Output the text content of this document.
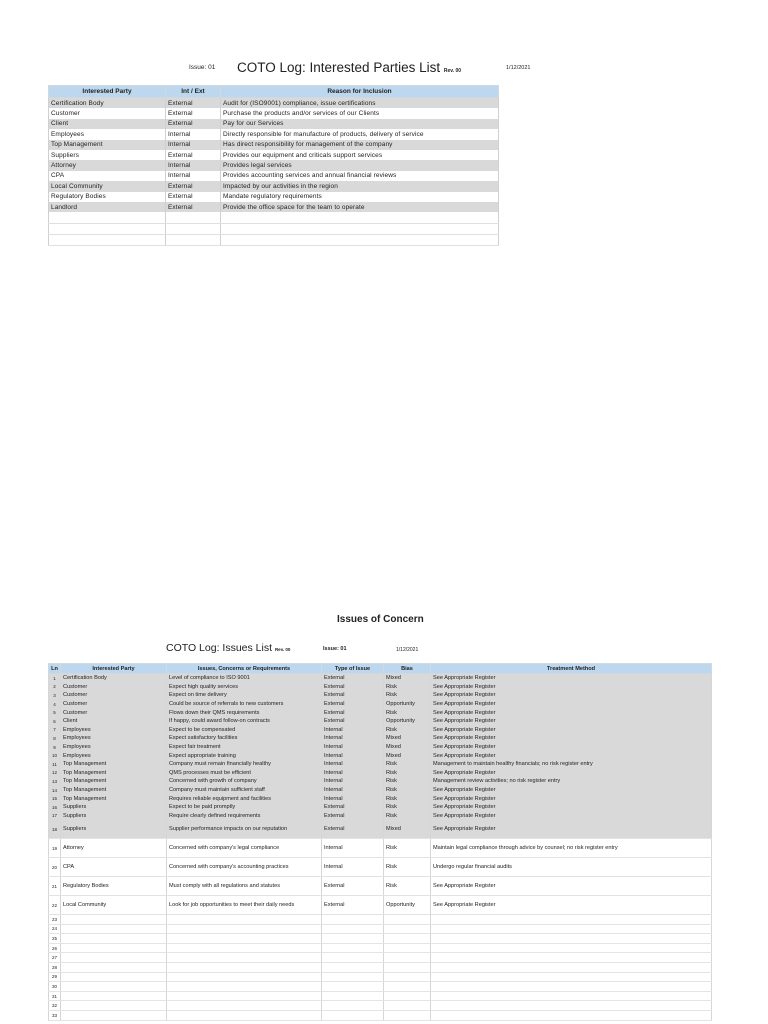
Issue: 01 COTO Log: Interested Parties List Rev. 00	1/12/2021
Interested Party	Int / Ext	Reason for Inclusion
Certification Body	External	Audit for (ISO9001) compliance, issue certifications
Customer	External	Purchase the products and/or services of our Clients
Client	External	Pay for our Services
Employees	Internal	Directly responsible for manufacture of products, delivery of service
Top Management	Internal	Has direct responsibility for management of the company
Suppliers	External	Provides our equipment and criticals support services
Attorney	Internal	Provides legal services
CPA	Internal	Provides accounting services and annual financial reviews
Local Community	External	Impacted by our activities in the region
Regulatory Bodies	External	Mandate regulatory requirements
Landlord	External	Provide the office space for the team to operate

Issues of Concern
COTO Log: Issues List Rev. 00	Issue: 01	1/12/2021
Ln	Interested Party	Issues, Concerns or Requirements	Type of Issue	Bias	Treatment Method
1	Certification Body	Level of compliance to ISO 9001	External	Mixed	See Appropriate Register
2	Customer	Expect high quality services	External	Risk	See Appropriate Register
3	Customer	Expect on time delivery	External	Risk	See Appropriate Register
4	Customer	Could be source of referrals to new customers	External	Opportunity	See Appropriate Register
5	Customer	Flows down their QMS requirements	External	Risk	See Appropriate Register
6	Client	If happy, could award follow-on contracts	External	Opportunity	See Appropriate Register
7	Employees	Expect to be compensated	Internal	Risk	See Appropriate Register
8	Employees	Expect satisfactory facilities	Internal	Mixed	See Appropriate Register
9	Employees	Expect fair treatment	Internal	Mixed	See Appropriate Register
10	Employees	Expect appropriate training	Internal	Mixed	See Appropriate Register
11	Top Management	Company must remain financially healthy	Internal	Risk	Management to maintain healthy financials; no risk register entry
12	Top Management	QMS processes must be efficient	Internal	Risk	See Appropriate Register
13	Top Management	Concerned with growth of company	Internal	Risk	Management review activities; no risk register entry
14	Top Management	Company must maintain sufficient staff	Internal	Risk	See Appropriate Register
15	Top Management	Requires reliable equipment and facilities	Internal	Risk	See Appropriate Register
16	Suppliers	Expect to be paid promptly	External	Risk	See Appropriate Register
17	Suppliers	Require clearly defined requirements	External	Risk	See Appropriate Register
18	Suppliers	Supplier performance impacts on our reputation	External	Mixed	See Appropriate Register
19	Attorney	Concerned with company's legal compliance	Internal	Risk	Maintain legal compliance through advice by counsel; no risk register entry
20	CPA	Concerned with company's accounting practices	Internal	Risk	Undergo regular financial audits
21	Regulatory Bodies	Must comply with all regulations and statutes	External	Risk	See Appropriate Register
22	Local Community	Look for job opportunities to meet their daily needs	External	Opportunity	See Appropriate Register
23					
24					
25					
26					
27					
28					
29					
30					
31					
32					
33					
